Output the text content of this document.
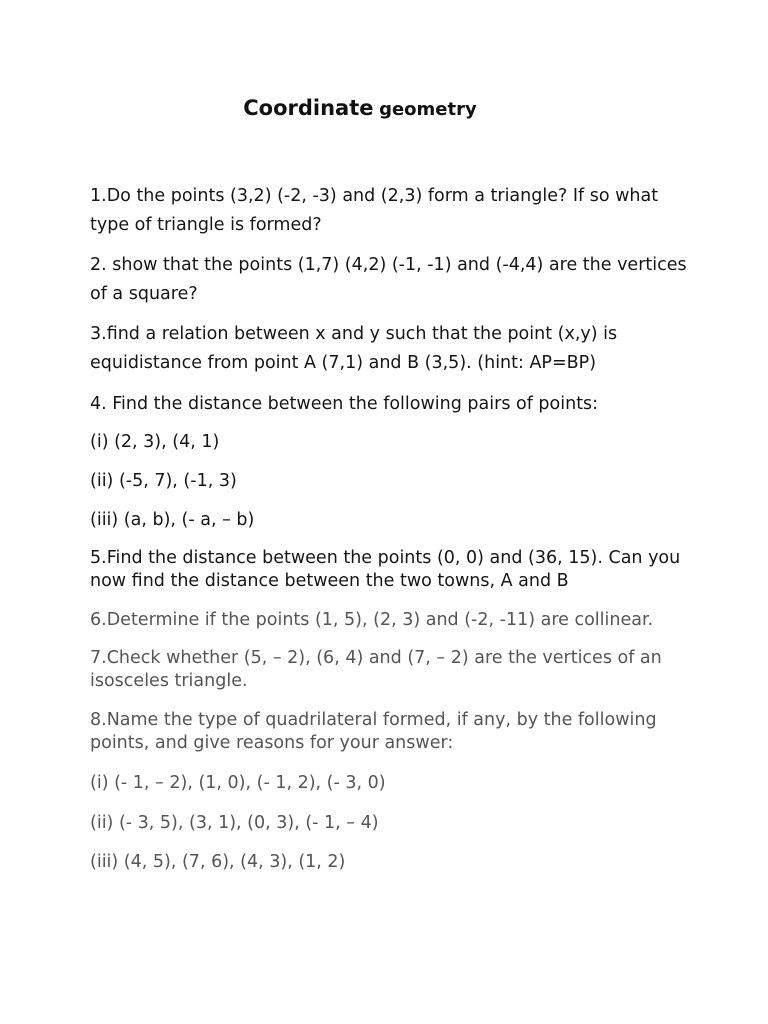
Coordinate geometry

1.Do the points (3,2) (-2, -3) and (2,3) form a triangle? If so what type of triangle is formed?

2. show that the points (1,7) (4,2) (-1, -1) and (-4,4) are the vertices of a square?

3.find a relation between x and y such that the point (x,y) is equidistance from point A (7,1) and B (3,5). (hint: AP=BP)

4. Find the distance between the following pairs of points:

(i) (2, 3), (4, 1)

(ii) (-5, 7), (-1, 3)

(iii) (a, b), (- a, – b)

5.Find the distance between the points (0, 0) and (36, 15). Can you now find the distance between the two towns, A and B

6.Determine if the points (1, 5), (2, 3) and (-2, -11) are collinear.

7.Check whether (5, – 2), (6, 4) and (7, – 2) are the vertices of an isosceles triangle.

8.Name the type of quadrilateral formed, if any, by the following points, and give reasons for your answer:

(i) (- 1, – 2), (1, 0), (- 1, 2), (- 3, 0)

(ii) (- 3, 5), (3, 1), (0, 3), (- 1, – 4)

(iii) (4, 5), (7, 6), (4, 3), (1, 2)
